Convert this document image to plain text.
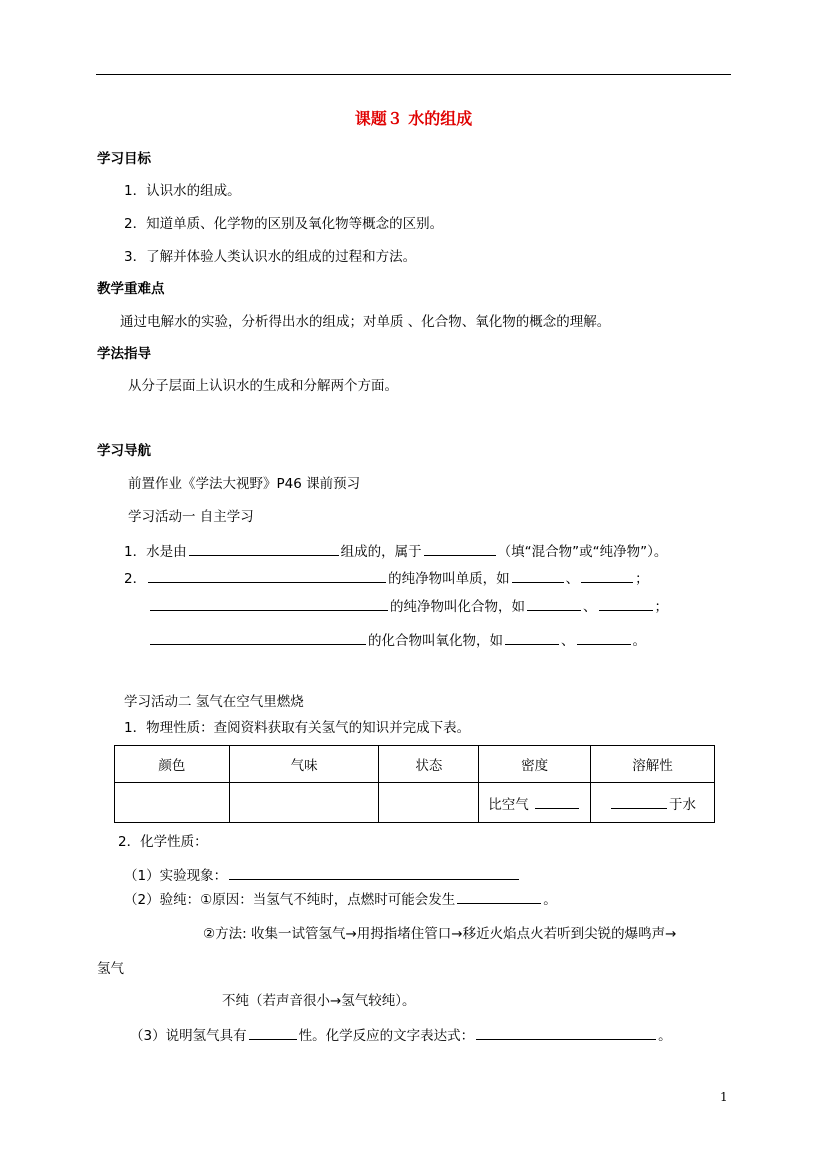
课题３ 水的组成
学习目标
1．认识水的组成。
2．知道单质、化学物的区别及氧化物等概念的区别。
3．了解并体验人类认识水的组成的过程和方法。
教学重难点
通过电解水的实验，分析得出水的组成；对单质 、化合物、氧化物的概念的理解。
学法指导
从分子层面上认识水的生成和分解两个方面。
学习导航
前置作业《学法大视野》P46 课前预习
学习活动一 自主学习
1．水是由	组成的，属于	（填“混合物”或“纯净物”）。
2．	的纯净物叫单质，如	、	；
的纯净物叫化合物，如	、	；
的化合物叫氧化物，如	、	。
学习活动二 氢气在空气里燃烧
1．物理性质：查阅资料获取有关氢气的知识并完成下表。
颜色	气味	状态	密度	溶解性
			比空气	于水
2．化学性质：
（1）实验现象：
（2）验纯：①原因：当氢气不纯时，点燃时可能会发生	。
②方法: 收集一试管氢气→用拇指堵住管口→移近火焰点火若听到尖锐的爆鸣声→
氢气
不纯（若声音很小→氢气较纯）。
（3）说明氢气具有	性。化学反应的文字表达式：	。
1
